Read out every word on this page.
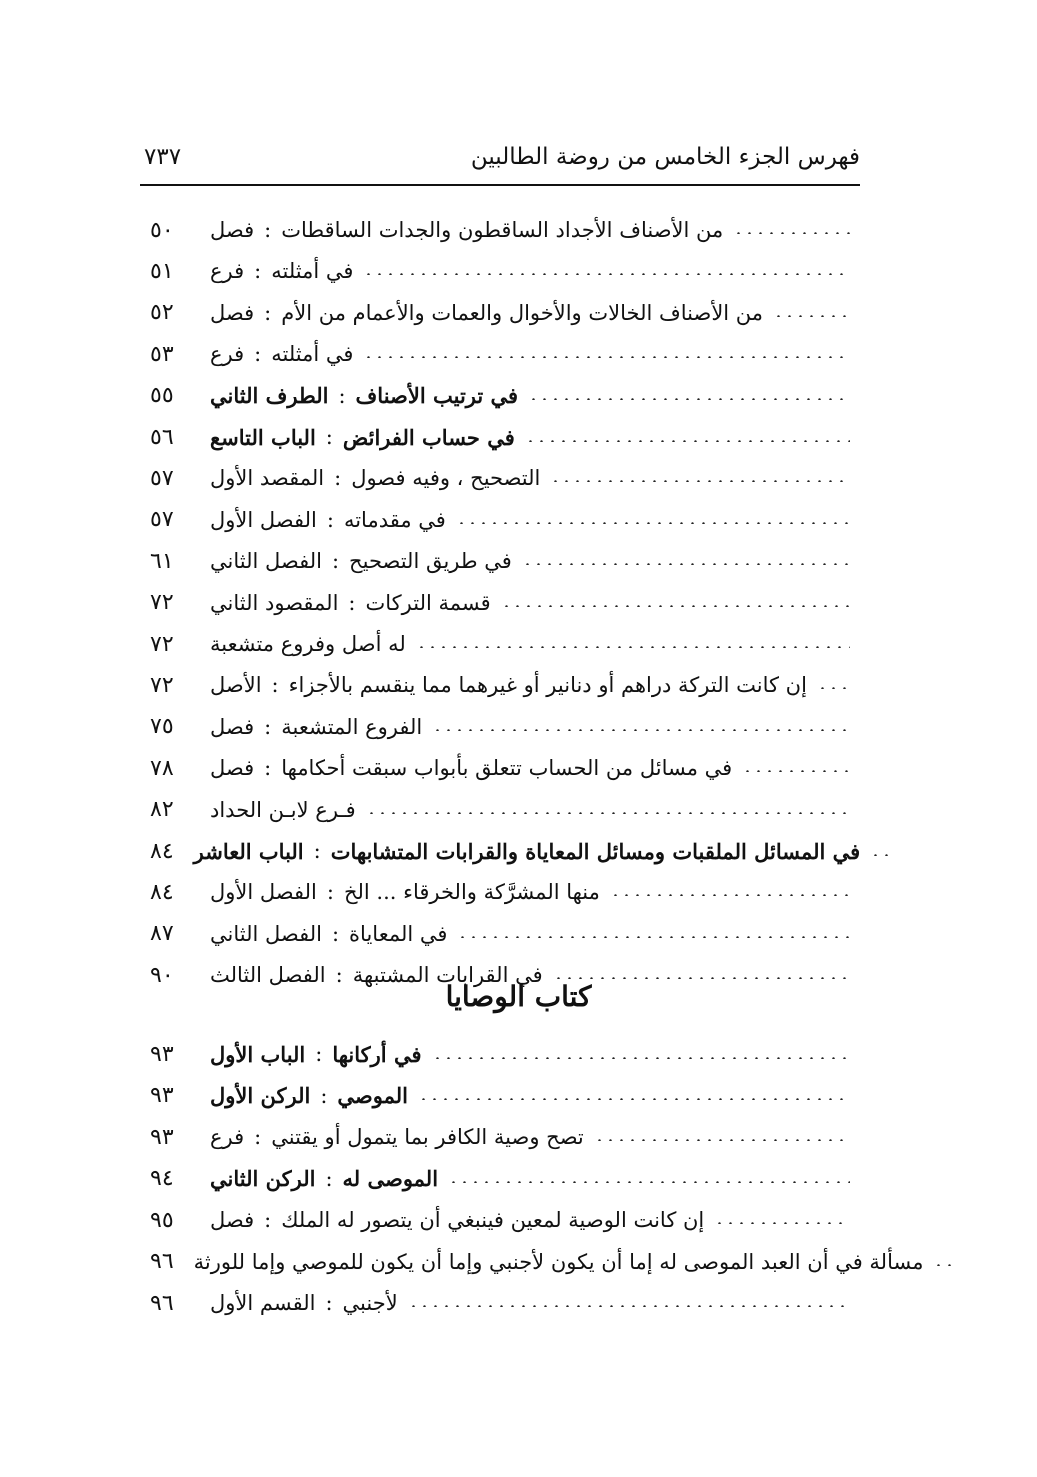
فهرس الجزء الخامس من روضة الطالبين
٧٣٧
٥٠	فصل : من الأصناف الأجداد الساقطون والجدات الساقطات
٥١	فرع : في أمثلته
٥٢	فصل : من الأصناف الخالات والأخوال والعمات والأعمام من الأم
٥٣	فرع : في أمثلته
٥٥	الطرف الثاني : في ترتيب الأصناف
٥٦	الباب التاسع : في حساب الفرائض
٥٧	المقصد الأول : التصحيح ، وفيه فصول
٥٧	الفصل الأول : في مقدماته
٦١	الفصل الثاني : في طريق التصحيح
٧٢	المقصود الثاني : قسمة التركات
٧٢	له أصل وفروع متشعبة
٧٢	الأصل : إن كانت التركة دراهم أو دنانير أو غيرهما مما ينقسم بالأجزاء
٧٥	فصل : الفروع المتشعبة
٧٨	فصل : في مسائل من الحساب تتعلق بأبواب سبقت أحكامها
٨٢	فـرع لابـن الحداد
٨٤ الباب العاشر : في المسائل الملقبات ومسائل المعاياة والقرابات المتشابهات
٨٤	الفصل الأول : منها المشرَّكة والخرقاء ... الخ
٨٧	الفصل الثاني : في المعاياة
٩٠	الفصل الثالث : في القرابات المشتبهة
٩٣	الباب الأول : في أركانها
٩٣	الركن الأول : الموصي
٩٣	فرع : تصح وصية الكافر بما يتمول أو يقتني
٩٤	الركن الثاني : الموصى له
٩٥	فصل : إن كانت الوصية لمعين فينبغي أن يتصور له الملك
٩٦ مسألة في أن العبد الموصى له إما أن يكون لأجنبي وإما أن يكون للموصي وإما للورثة
٩٦	القسم الأول : لأجنبي
كتاب الوصايا
